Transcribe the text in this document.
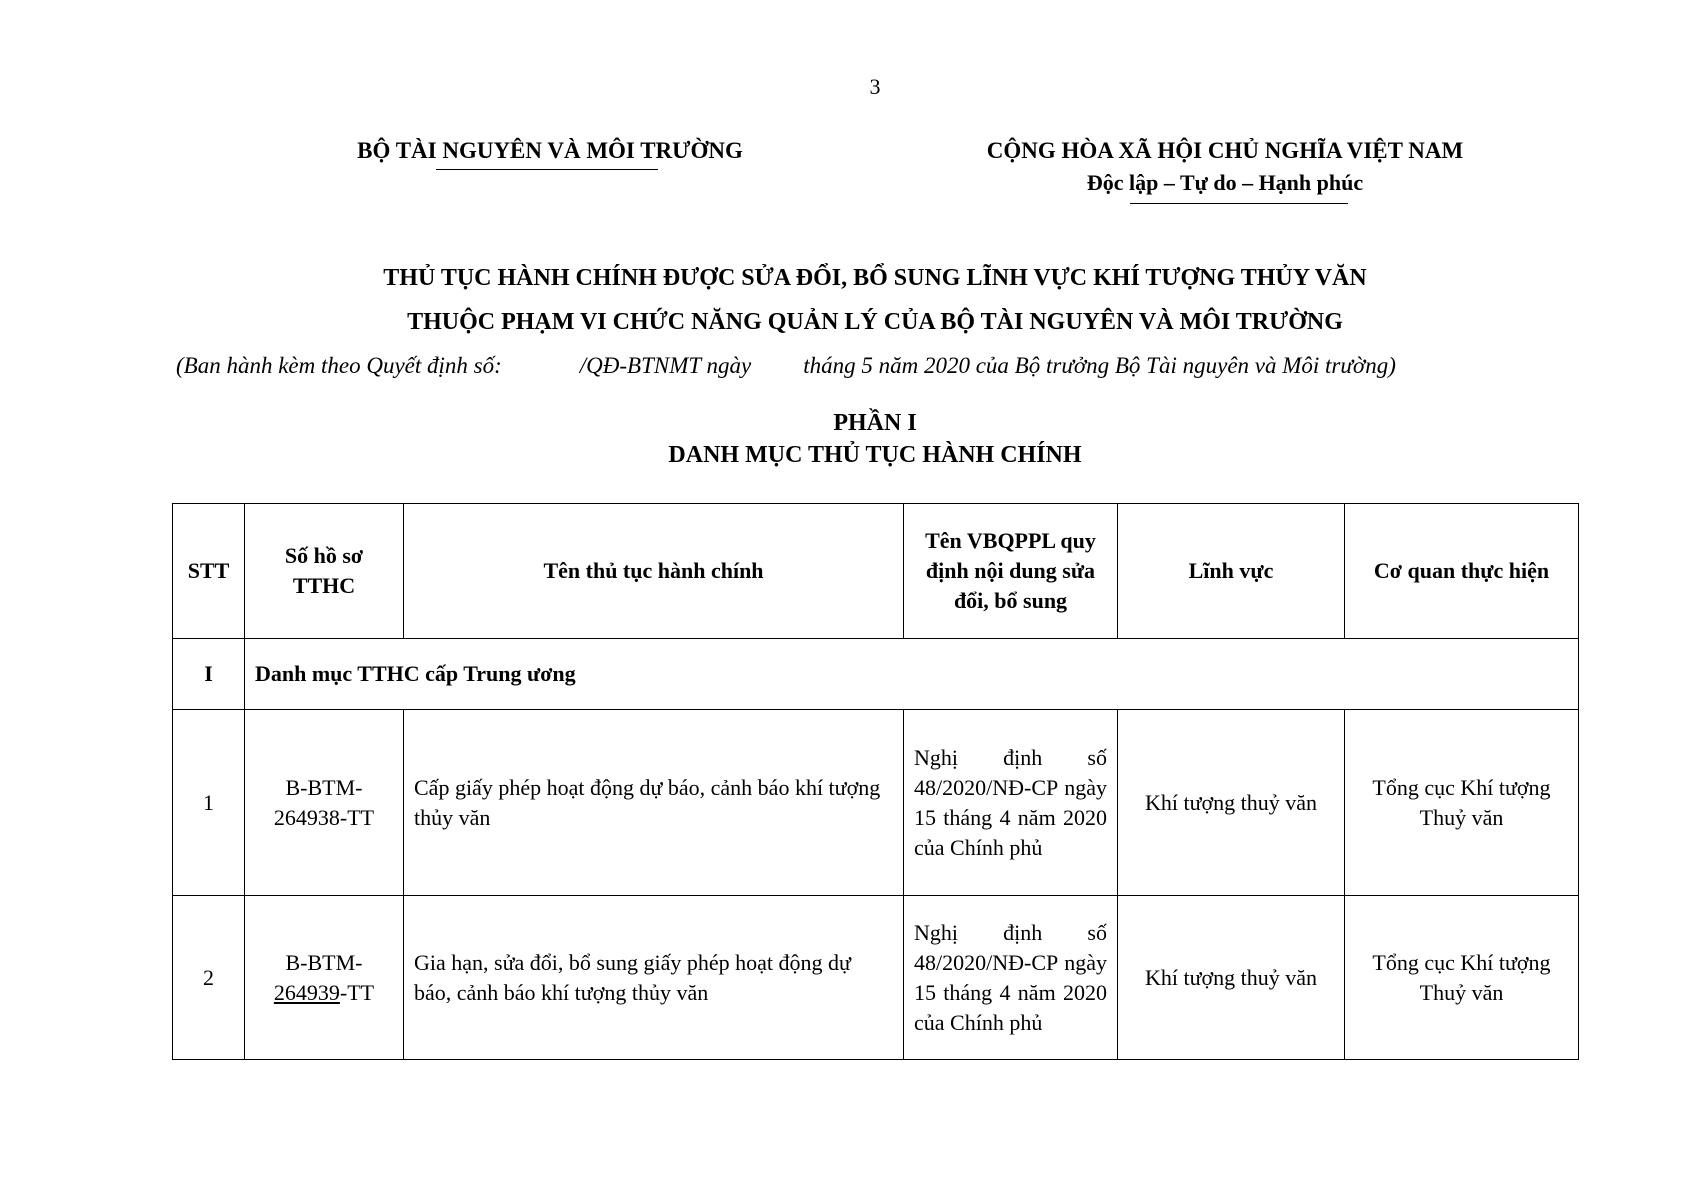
3
BỘ TÀI NGUYÊN VÀ MÔI TRƯỜNG	CỘNG HÒA XÃ HỘI CHỦ NGHĨA VIỆT NAM
Độc lập – Tự do – Hạnh phúc
THỦ TỤC HÀNH CHÍNH ĐƯỢC SỬA ĐỔI, BỔ SUNG LĨNH VỰC KHÍ TƯỢNG THỦY VĂN
THUỘC PHẠM VI CHỨC NĂNG QUẢN LÝ CỦA BỘ TÀI NGUYÊN VÀ MÔI TRƯỜNG
(Ban hành kèm theo Quyết định số:	/QĐ-BTNMT ngày tháng 5 năm 2020 của Bộ trưởng Bộ Tài nguyên và Môi trường)
PHẦN I
DANH MỤC THỦ TỤC HÀNH CHÍNH
STT	Số hồ sơ TTHC	Tên thủ tục hành chính	Tên VBQPPL quy định nội dung sửa đổi, bổ sung	Lĩnh vực	Cơ quan thực hiện
I	Danh mục TTHC cấp Trung ương				
1	B-BTM-264938-TT	Cấp giấy phép hoạt động dự báo, cảnh báo khí tượng thủy văn	Nghị định số 48/2020/NĐ-CP ngày 15 tháng 4 năm 2020 của Chính phủ	Khí tượng thuỷ văn	Tổng cục Khí tượng Thuỷ văn
2	B-BTM-264939-TT	Gia hạn, sửa đổi, bổ sung giấy phép hoạt động dự báo, cảnh báo khí tượng thủy văn	Nghị định số 48/2020/NĐ-CP ngày 15 tháng 4 năm 2020 của Chính phủ	Khí tượng thuỷ văn	Tổng cục Khí tượng Thuỷ văn
